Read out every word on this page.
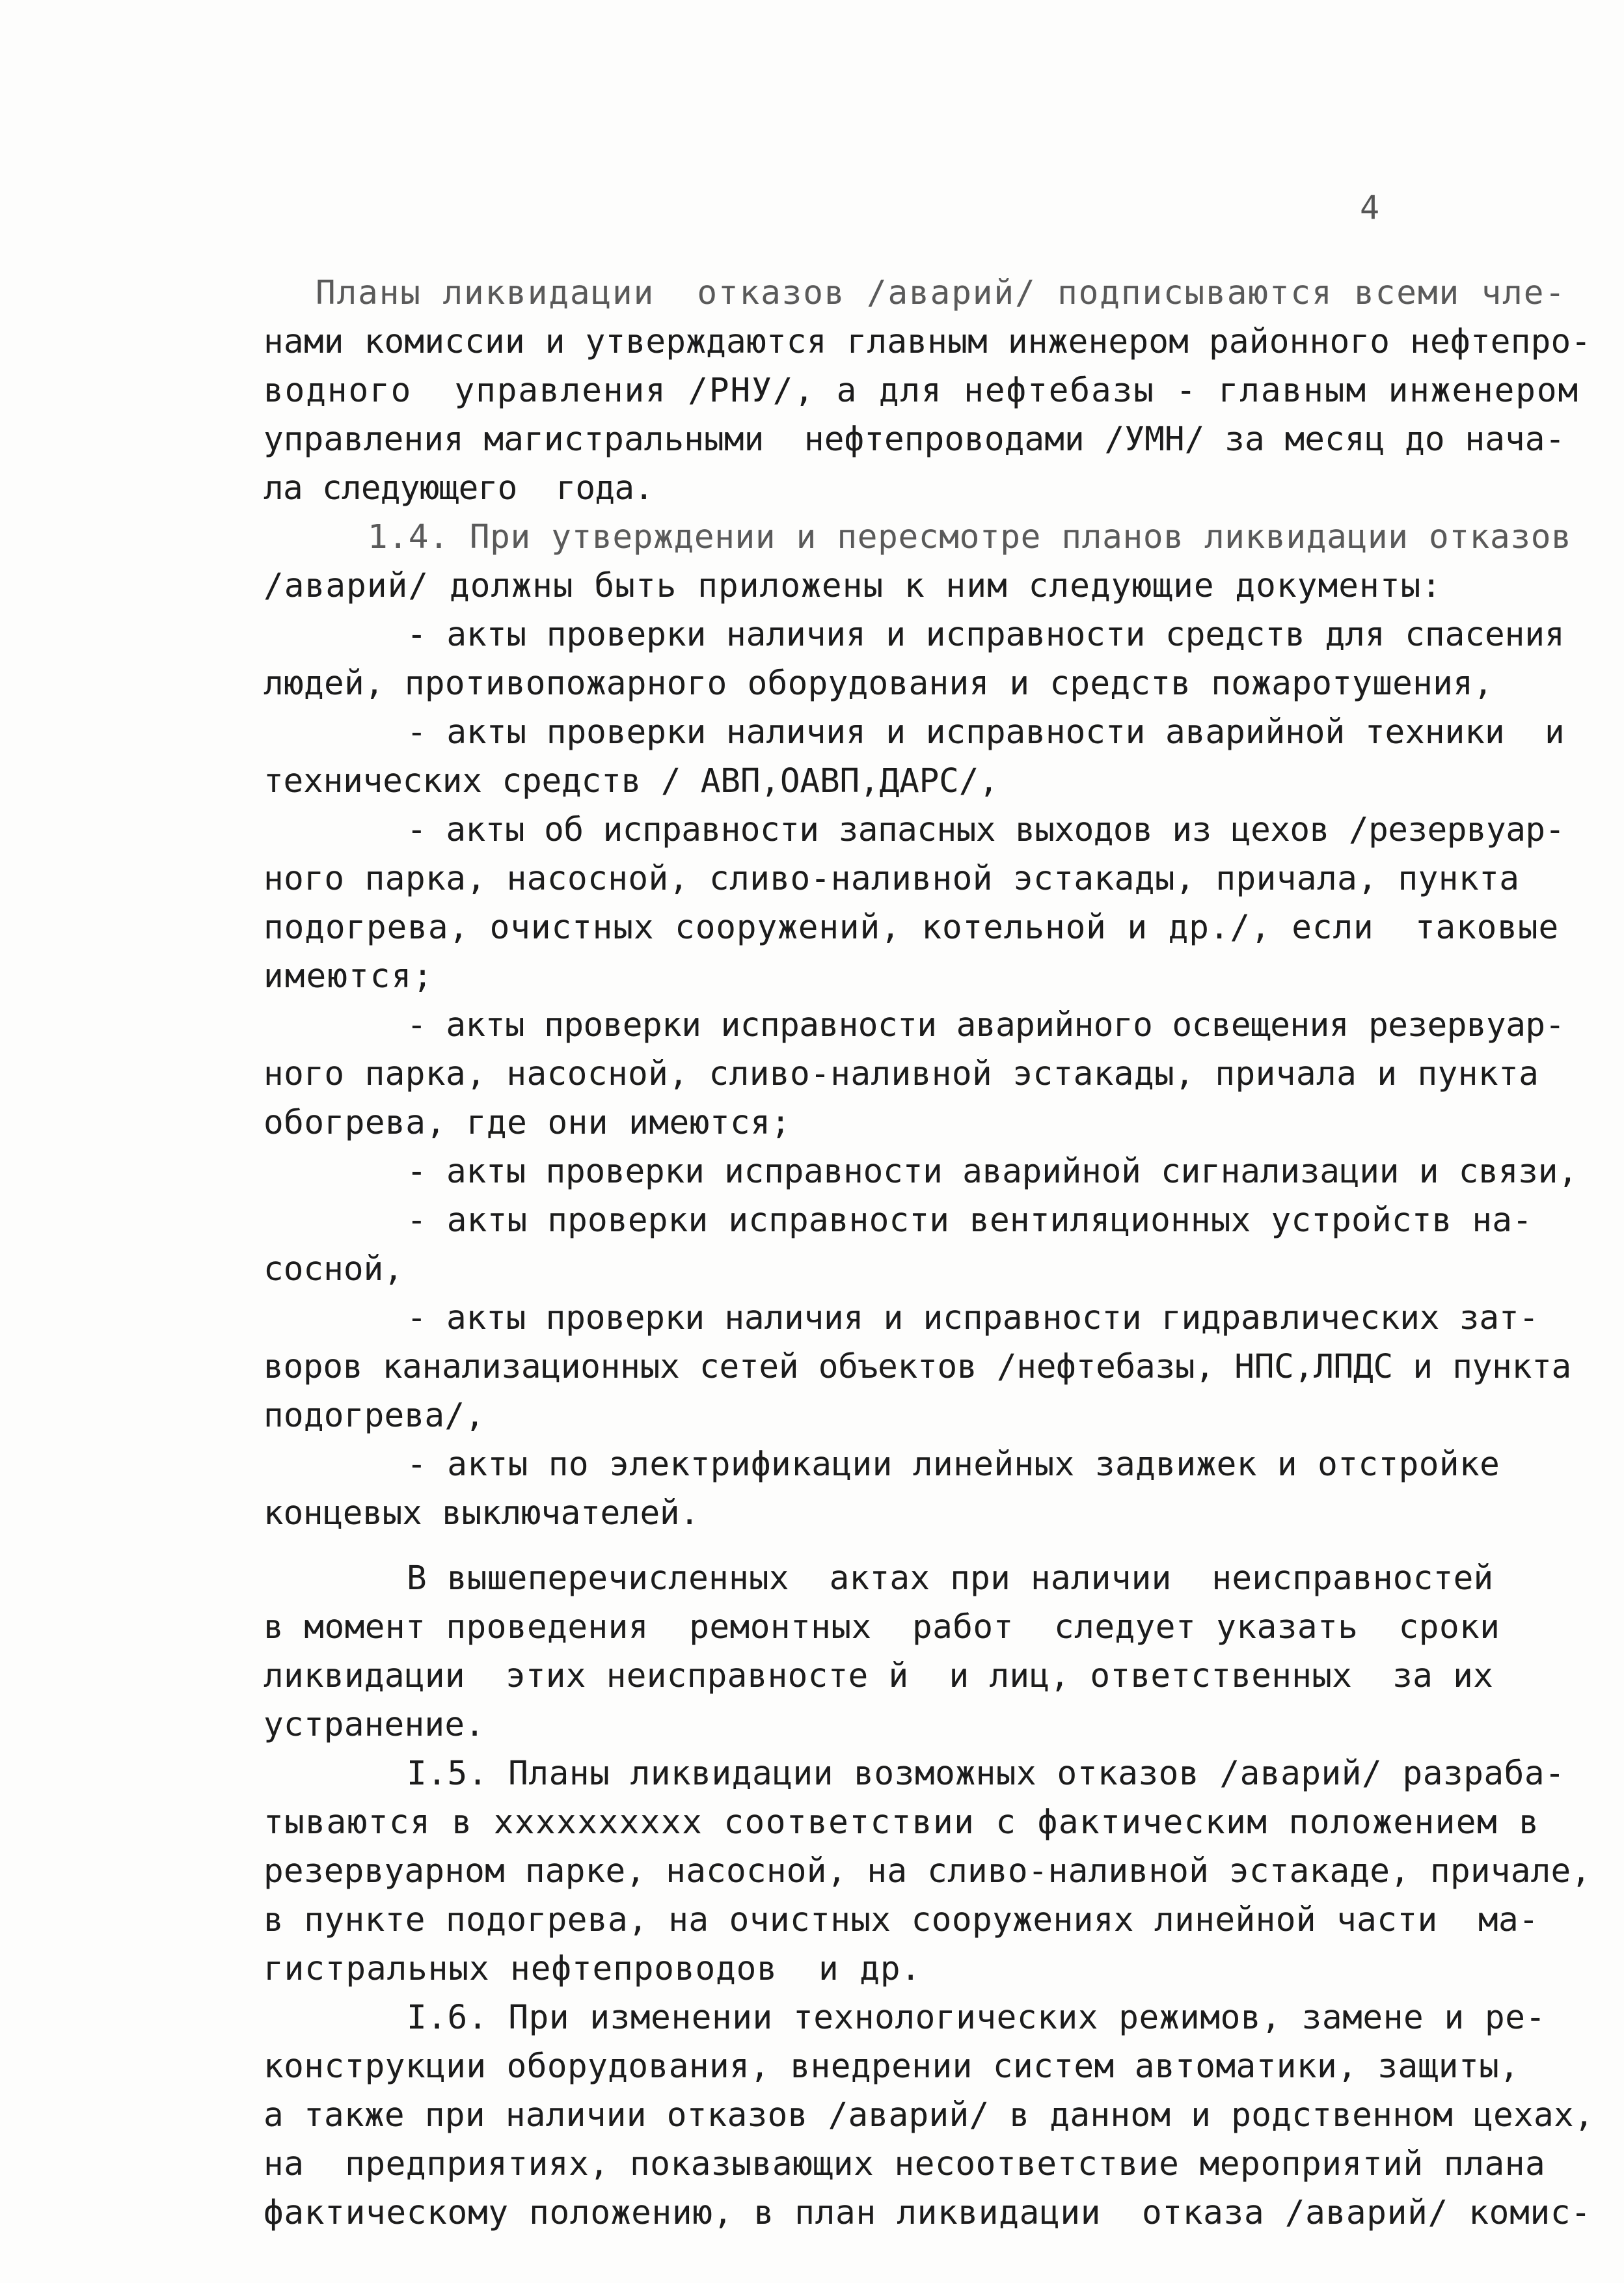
4
Планы ликвидации  отказов /аварий/ подписываются всеми чле-
нами комиссии и утверждаются главным инженером районного нефтепро-
водного  управления /РНУ/, а для нефтебазы - главным инженером
управления магистральными  нефтепроводами /УМН/ за месяц до нача-
ла следующего  года.
1.4. При утверждении и пересмотре планов ликвидации отказов
/аварий/ должны быть приложены к ним следующие документы:
- акты проверки наличия и исправности средств для спасения
людей, противопожарного оборудования и средств пожаротушения,
- акты проверки наличия и исправности аварийной техники  и
технических средств / АВП,ОАВП,ДАРС/,
- акты об исправности запасных выходов из цехов /резервуар-
ного парка, насосной, сливо-наливной эстакады, причала, пункта
подогрева, очистных сооружений, котельной и др./, если  таковые
имеются;
- акты проверки исправности аварийного освещения резервуар-
ного парка, насосной, сливо-наливной эстакады, причала и пункта
обогрева, где они имеются;
- акты проверки исправности аварийной сигнализации и связи,
- акты проверки исправности вентиляционных устройств на-
сосной,
- акты проверки наличия и исправности гидравлических зат-
воров канализационных сетей объектов /нефтебазы, НПС,ЛПДС и пункта
подогрева/,
- акты по электрификации линейных задвижек и отстройке
концевых выключателей.
В вышеперечисленных  актах при наличии  неисправностей
в момент проведения  ремонтных  работ  следует указать  сроки
ликвидации  этих неисправносте й  и лиц, ответственных  за их
устранение.
I.5. Планы ликвидации возможных отказов /аварий/ разраба-
тываются в хххххххххх соответствии с фактическим положением в
резервуарном парке, насосной, на сливо-наливной эстакаде, причале,
в пункте подогрева, на очистных сооружениях линейной части  ма-
гистральных нефтепроводов  и др.
I.6. При изменении технологических режимов, замене и ре-
конструкции оборудования, внедрении систем автоматики, защиты,
а также при наличии отказов /аварий/ в данном и родственном цехах,
на  предприятиях, показывающих несоответствие мероприятий плана
фактическому положению, в план ликвидации  отказа /аварий/ комис-
